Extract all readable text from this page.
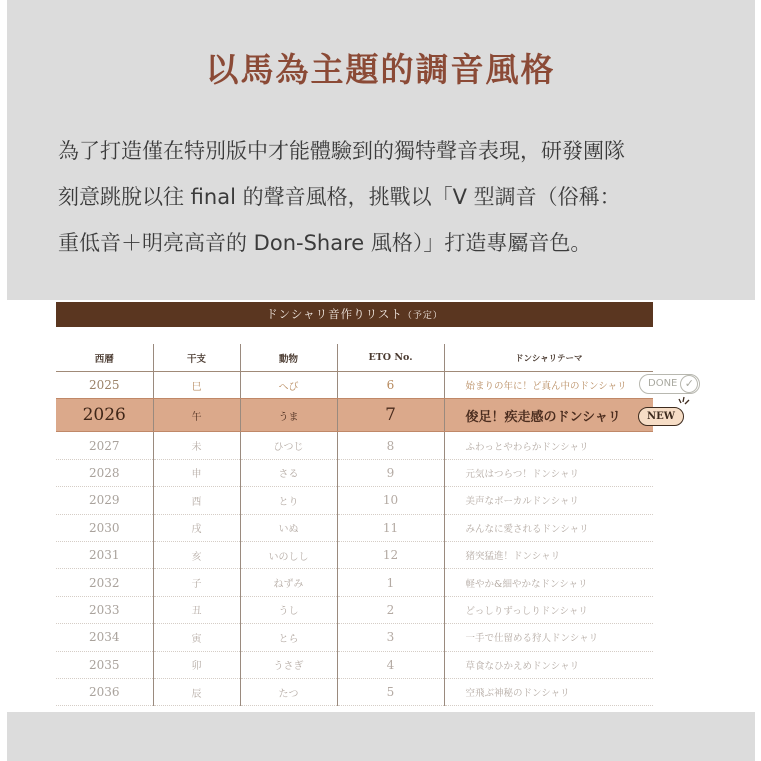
以馬為主題的調音風格
為了打造僅在特別版中才能體驗到的獨特聲音表現，研發團隊
刻意跳脫以往 final 的聲音風格，挑戰以「V 型調音（俗稱：
重低音＋明亮高音的 Don-Share 風格）」打造專屬音色。
ドンシャリ音作りリスト（予定）
西暦	干支	動物	ETO No.	ドンシャリテーマ
2025	巳	へび	6	始まりの年に！ど真ん中のドンシャリ
2026	午	うま	7	俊足！疾走感のドンシャリ
2027	未	ひつじ	8	ふわっとやわらかドンシャリ
2028	申	さる	9	元気はつらつ！ドンシャリ
2029	酉	とり	10	美声なボーカルドンシャリ
2030	戌	いぬ	11	みんなに愛されるドンシャリ
2031	亥	いのしし	12	猪突猛進！ドンシャリ
2032	子	ねずみ	1	軽やか&細やかなドンシャリ
2033	丑	うし	2	どっしりずっしりドンシャリ
2034	寅	とら	3	一手で仕留める狩人ドンシャリ
2035	卯	うさぎ	4	草食なひかえめドンシャリ
2036	辰	たつ	5	空飛ぶ神秘のドンシャリ
DONE ✓
NEW
